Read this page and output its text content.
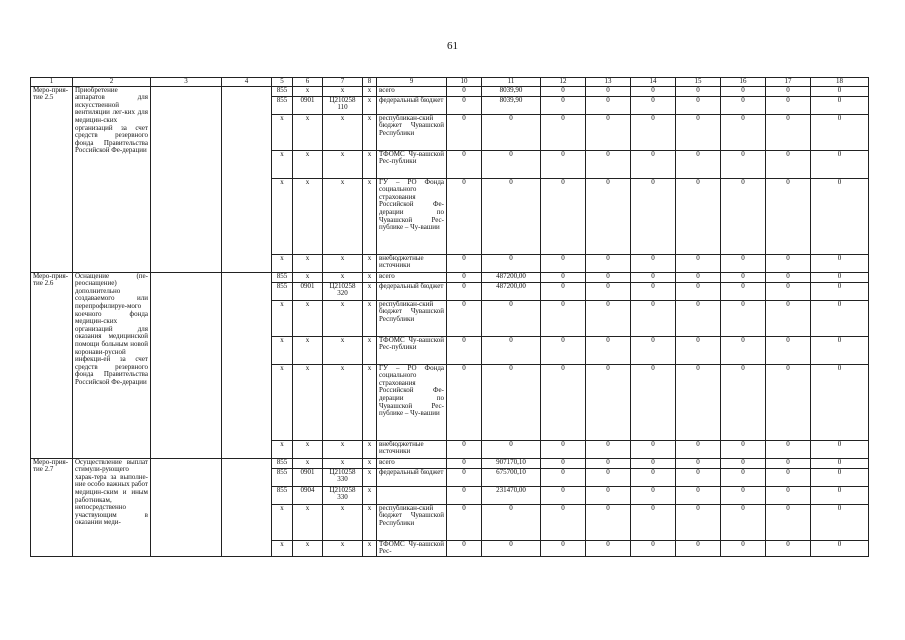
61
1	2	3	4	5	6	7	8	9	10	11	12	13	14	15	16	17	18
Меро-прия-тие 2.5	Приобретение аппаратов для искусственной вентиляции лег-ких для медицин-ских организаций за счет средств резервного фонда Правительства Российской Фе-дерации			855	x	x	x	всего	0	8039,90	0	0	0	0	0	0	0
				855	0901	Ц210258 110	x	федеральный бюджет	0	8039,90	0	0	0	0	0	0	0
				x	x	x	x	республикан-ский бюджет Чувашской Республики	0	0	0	0	0	0	0	0	0
				x	x	x	x	ТФОМС Чу-вашской Рес-публики	0	0	0	0	0	0	0	0	0
				x	x	x	x	ГУ – РО Фонда социального страхования Российской Фе-дерации по Чувашской Рес-публике – Чу-вашии	0	0	0	0	0	0	0	0	0
				x	x	x	x	внебюджетные источники	0	0	0	0	0	0	0	0	0
Меро-прия-тие 2.6	Оснащение (пе-реоснащение) дополнительно создаваемого или перепрофилируе-мого коечного фонда медицин-ских организаций для оказания медицинской помощи больным новой коронави-русной инфекци-ей за счет средств резервного фонда Правительства Российской Фе-дерации			855	x	x	x	всего	0	487200,00	0	0	0	0	0	0	0
				855	0901	Ц210258 320	x	федеральный бюджет	0	487200,00	0	0	0	0	0	0	0
				x	x	x	x	республикан-ский бюджет Чувашской Республики	0	0	0	0	0	0	0	0	0
				x	x	x	x	ТФОМС Чу-вашской Рес-публики	0	0	0	0	0	0	0	0	0
				x	x	x	x	ГУ – РО Фонда социального страхования Российской Фе-дерации по Чувашской Рес-публике – Чу-вашии	0	0	0	0	0	0	0	0	0
				x	x	x	x	внебюджетные источники	0	0	0	0	0	0	0	0	0
Меро-прия-тие 2.7	Осуществление выплат стимули-рующего харак-тера за выполне-ние особо важных работ медицин-ским и иным работникам, непосредственно участвующим в оказании меди-			855	x	x	x	всего	0	907170,10	0	0	0	0	0	0	0
				855	0901	Ц210258 330	x	федеральный бюджет	0	675700,10	0	0	0	0	0	0	0
				855	0904	Ц210258 330	x		0	231470,00	0	0	0	0	0	0	0
				x	x	x	x	республикан-ский бюджет Чувашской Республики	0	0	0	0	0	0	0	0	0
				x	x	x	x	ТФОМС Чу-вашской Рес-	0	0	0	0	0	0	0	0	0
